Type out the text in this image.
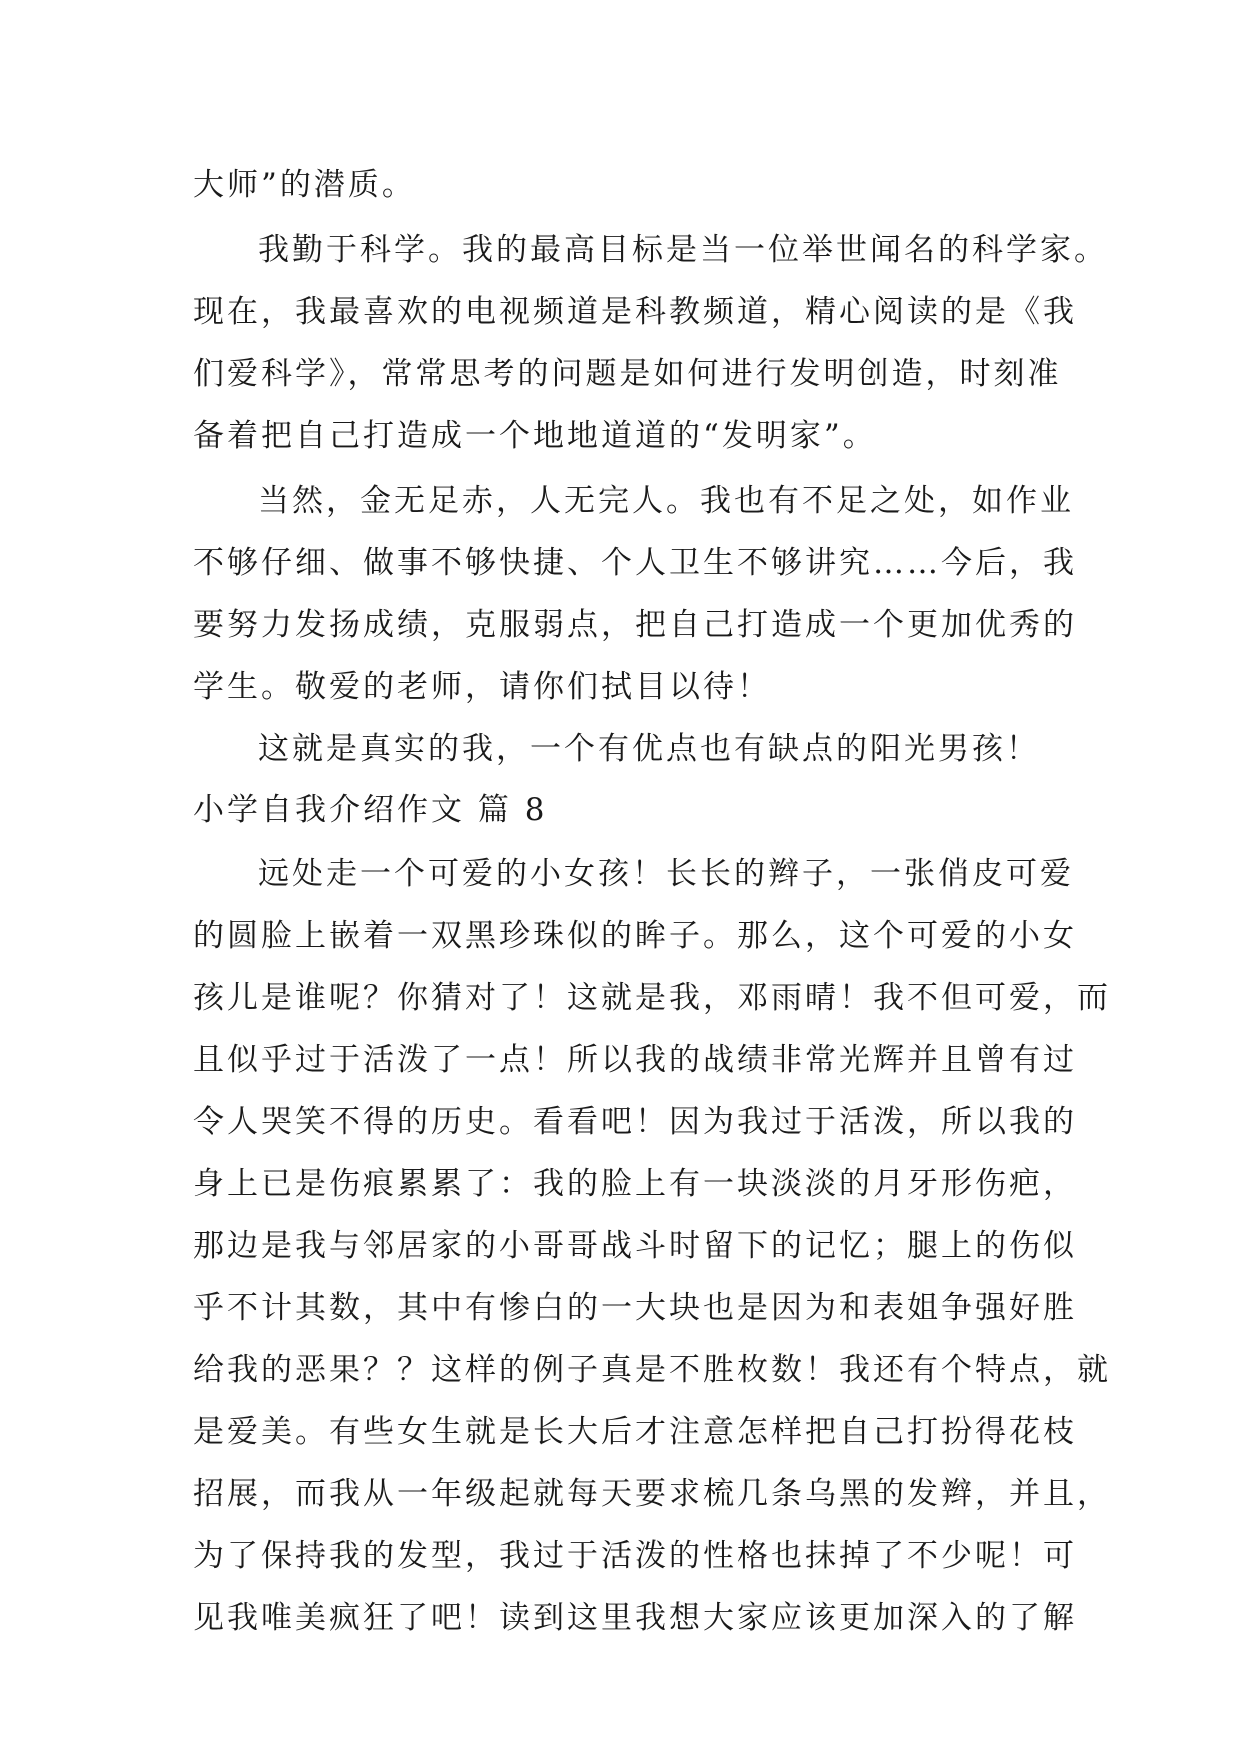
大师”的潜质。
我勤于科学。我的最高目标是当一位举世闻名的科学家。
现在，我最喜欢的电视频道是科教频道，精心阅读的是《我
们爱科学》，常常思考的问题是如何进行发明创造，时刻准
备着把自己打造成一个地地道道的“发明家”。
当然，金无足赤，人无完人。我也有不足之处，如作业
不够仔细、做事不够快捷、个人卫生不够讲究……今后，我
要努力发扬成绩，克服弱点，把自己打造成一个更加优秀的
学生。敬爱的老师，请你们拭目以待！
这就是真实的我，一个有优点也有缺点的阳光男孩！
小学自我介绍作文 篇 8
远处走一个可爱的小女孩！长长的辫子，一张俏皮可爱
的圆脸上嵌着一双黑珍珠似的眸子。那么，这个可爱的小女
孩儿是谁呢？你猜对了！这就是我，邓雨晴！我不但可爱，而
且似乎过于活泼了一点！所以我的战绩非常光辉并且曾有过
令人哭笑不得的历史。看看吧！因为我过于活泼，所以我的
身上已是伤痕累累了：我的脸上有一块淡淡的月牙形伤疤，
那边是我与邻居家的小哥哥战斗时留下的记忆；腿上的伤似
乎不计其数，其中有惨白的一大块也是因为和表姐争强好胜
给我的恶果？？这样的例子真是不胜枚数！我还有个特点，就
是爱美。有些女生就是长大后才注意怎样把自己打扮得花枝
招展，而我从一年级起就每天要求梳几条乌黑的发辫，并且，
为了保持我的发型，我过于活泼的性格也抹掉了不少呢！可
见我唯美疯狂了吧！读到这里我想大家应该更加深入的了解
